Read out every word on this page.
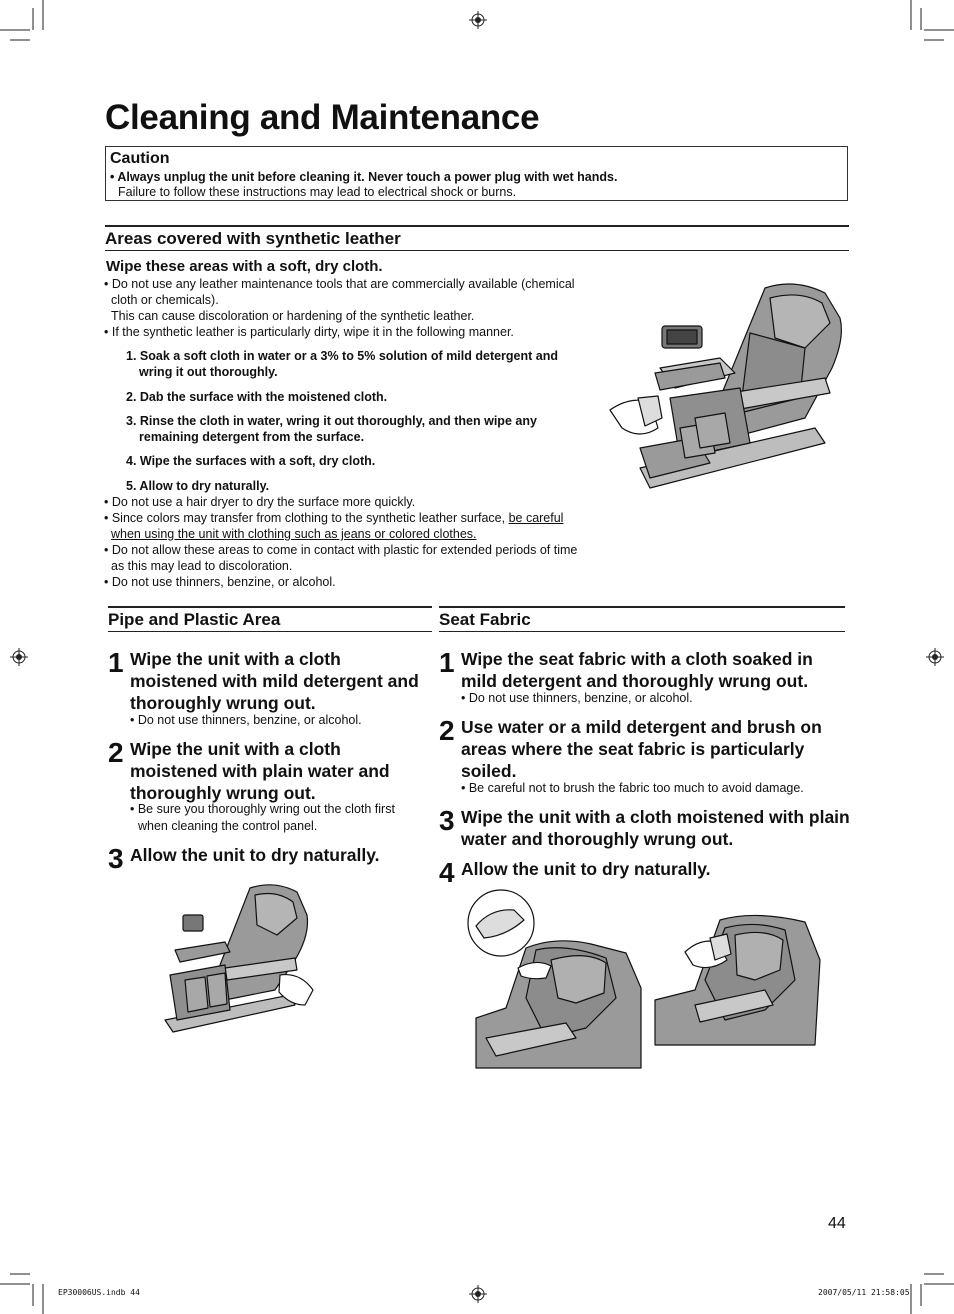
Cleaning and Maintenance
Caution
• Always unplug the unit before cleaning it. Never touch a power plug with wet hands.
Failure to follow these instructions may lead to electrical shock or burns.
Areas covered with synthetic leather
Wipe these areas with a soft, dry cloth.
• Do not use any leather maintenance tools that are commercially available (chemical
cloth or chemicals).
This can cause discoloration or hardening of the synthetic leather.
• If the synthetic leather is particularly dirty, wipe it in the following manner.
1. Soak a soft cloth in water or a 3% to 5% solution of mild detergent and
wring it out thoroughly.
2. Dab the surface with the moistened cloth.
3. Rinse the cloth in water, wring it out thoroughly, and then wipe any
remaining detergent from the surface.
4. Wipe the surfaces with a soft, dry cloth.
5. Allow to dry naturally.
• Do not use a hair dryer to dry the surface more quickly.
• Since colors may transfer from clothing to the synthetic leather surface, be careful
when using the unit with clothing such as jeans or colored clothes.
• Do not allow these areas to come in contact with plastic for extended periods of time
as this may lead to discoloration.
• Do not use thinners, benzine, or alcohol.
Pipe and Plastic Area
1 Wipe the unit with a cloth moistened with mild detergent and thoroughly wrung out.
• Do not use thinners, benzine, or alcohol.
2 Wipe the unit with a cloth moistened with plain water and thoroughly wrung out.
• Be sure you thoroughly wring out the cloth first when cleaning the control panel.
3 Allow the unit to dry naturally.
Seat Fabric
1 Wipe the seat fabric with a cloth soaked in mild detergent and thoroughly wrung out.
• Do not use thinners, benzine, or alcohol.
2 Use water or a mild detergent and brush on areas where the seat fabric is particularly soiled.
• Be careful not to brush the fabric too much to avoid damage.
3 Wipe the unit with a cloth moistened with plain water and thoroughly wrung out.
4 Allow the unit to dry naturally.
44
EP30006US.indb 44	2007/05/11 21:58:05
